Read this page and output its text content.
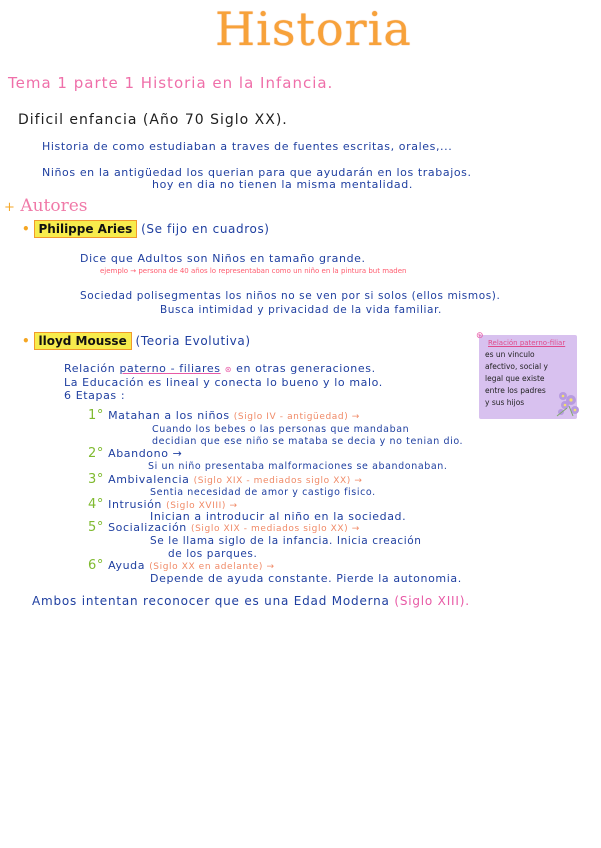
Historia
Tema 1 parte 1 Historia en la Infancia.
Dificil enfancia (Año 70 Siglo XX).
Historia de como estudiaban a traves de fuentes escritas, orales,...
Niños en la antigüedad los querian para que ayudarán en los trabajos.
hoy en dia no tienen la misma mentalidad.
+ Autores
• Philippe Aries (Se fijo en cuadros)
Dice que Adultos son Niños en tamaño grande.
ejemplo → persona de 40 años lo representaban como un niño en la pintura but maden
Sociedad polisegmentas los niños no se ven por si solos (ellos mismos).
Busca intimidad y privacidad de la vida familiar.
• lloyd Mousse (Teoria Evolutiva)
Relación paterno - filiares ⊛ en otras generaciones.
La Educación es lineal y conecta lo bueno y lo malo.
6 Etapas :
1° Matahan a los niños (Siglo IV - antigüedad) →
Cuando los bebes o las personas que mandaban
decidian que ese niño se mataba se decia y no tenian dio.
2° Abandono →
Si un niño presentaba malformaciones se abandonaban.
3° Ambivalencia (Siglo XIX - mediados siglo XX) →
Sentia necesidad de amor y castigo fisico.
4° Intrusión (Siglo XVIII) →
Inician a introducir al niño en la sociedad.
5° Socialización (Siglo XIX - mediados siglo XX) →
Se le llama siglo de la infancia. Inicia creación
de los parques.
6° Ayuda (Siglo XX en adelante) →
Depende de ayuda constante. Pierde la autonomia.
Ambos intentan reconocer que es una Edad Moderna (Siglo XIII).
⊛
Relación paterno-filiar
es un vinculo
afectivo, social y
legal que existe
entre los padres
y sus hijos
